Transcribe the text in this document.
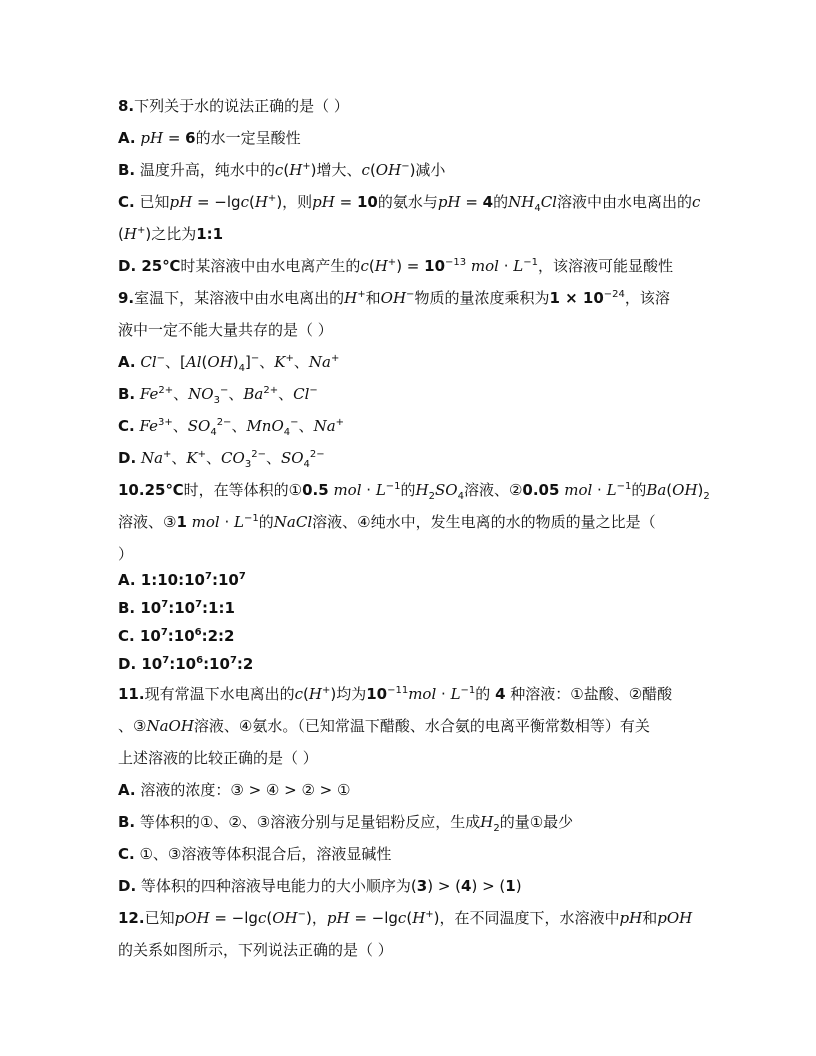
8.下列关于水的说法正确的是（ ）
A. pH = 6的水一定呈酸性
B. 温度升高，纯水中的c(H+)增大、c(OH−)减小
C. 已知pH = −lgc(H+)，则pH = 10的氨水与pH = 4的$NH_4Cl$溶液中由水电离出的c
(H+)之比为1:1
D. 25℃时某溶液中由水电离产生的$c(H^+) = 10^{-13}$ mol · $L^{-1}$，该溶液可能显酸性
9.室温下，某溶液中由水电离出的H+和OH−物质的量浓度乘积为$1 \times 10^{-24}$，该溶
液中一定不能大量共存的是（ ）
A. Cl−、$[Al(OH)_4]^-$、K+、Na+
B. $Fe^{2+}$、$NO_3^-$、$Ba^{2+}$、Cl−
C. $Fe^{3+}$、$SO_4^{2-}$、MnO$_4$−、Na+
D. Na+、K+、$CO_3^{2-}$、$SO_4^{2-}$
10.25℃时，在等体积的①0.5 mol · $L^{-1}$的$H_2SO_4$溶液、②0.05 mol · $L^{-1}$的$Ba(OH)_2$
溶液、③1 mol · $L^{-1}$的NaCl溶液、④纯水中，发生电离的水的物质的量之比是（
）
A. $1:10:10^7:10^7$
B. $10^7:10^7:1:1$
C. $10^7:10^6:2:2$
D. $10^7:10^6:10^7:2$
11.现有常温下水电离出的c(H+)均为$10^{-11}mol \cdot L^{-1}$的 4 种溶液：①盐酸、②醋酸
、③NaOH溶液、④氨水。（已知常温下醋酸、水合氨的电离平衡常数相等）有关
上述溶液的比较正确的是（ ）
A. 溶液的浓度：③ > ④ > ② > ①
B. 等体积的①、②、③溶液分别与足量铝粉反应，生成$H_2$的量①最少
C. ①、③溶液等体积混合后，溶液显碱性
D. 等体积的四种溶液导电能力的大小顺序为(3) > (4) > (1)
12.已知pOH = −lgc(OH−)，pH = −lgc(H+)，在不同温度下，水溶液中pH和pOH
的关系如图所示，下列说法正确的是（ ）
